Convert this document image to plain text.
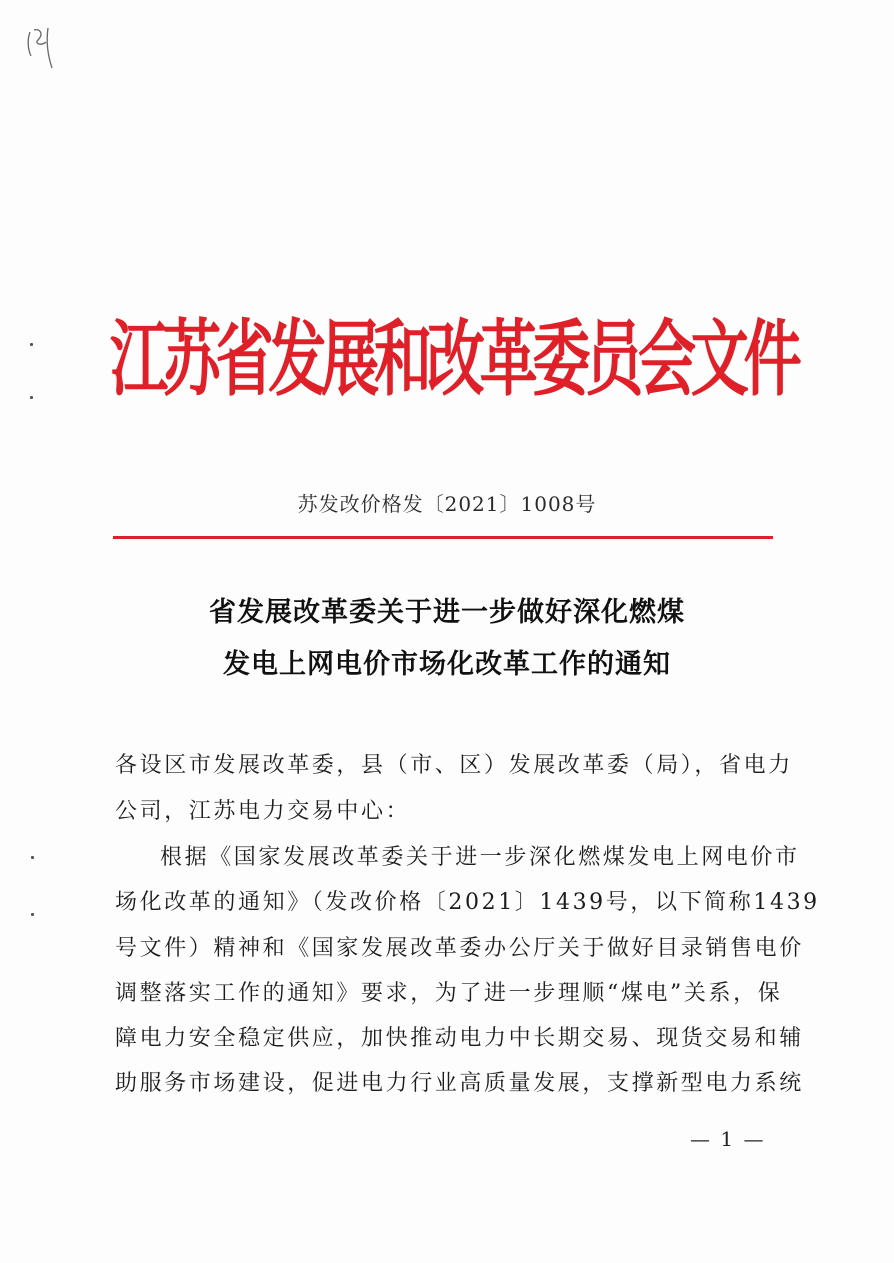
江苏省发展和改革委员会文件
苏发改价格发〔2021〕1008号
省发展改革委关于进一步做好深化燃煤
发电上网电价市场化改革工作的通知
各设区市发展改革委，县（市、区）发展改革委（局），省电力
公司，江苏电力交易中心：
根据《国家发展改革委关于进一步深化燃煤发电上网电价市
场化改革的通知》（发改价格〔2021〕1439号，以下简称1439
号文件）精神和《国家发展改革委办公厅关于做好目录销售电价
调整落实工作的通知》要求，为了进一步理顺“煤电”关系，保
障电力安全稳定供应，加快推动电力中长期交易、现货交易和辅
助服务市场建设，促进电力行业高质量发展，支撑新型电力系统
— 1 —
